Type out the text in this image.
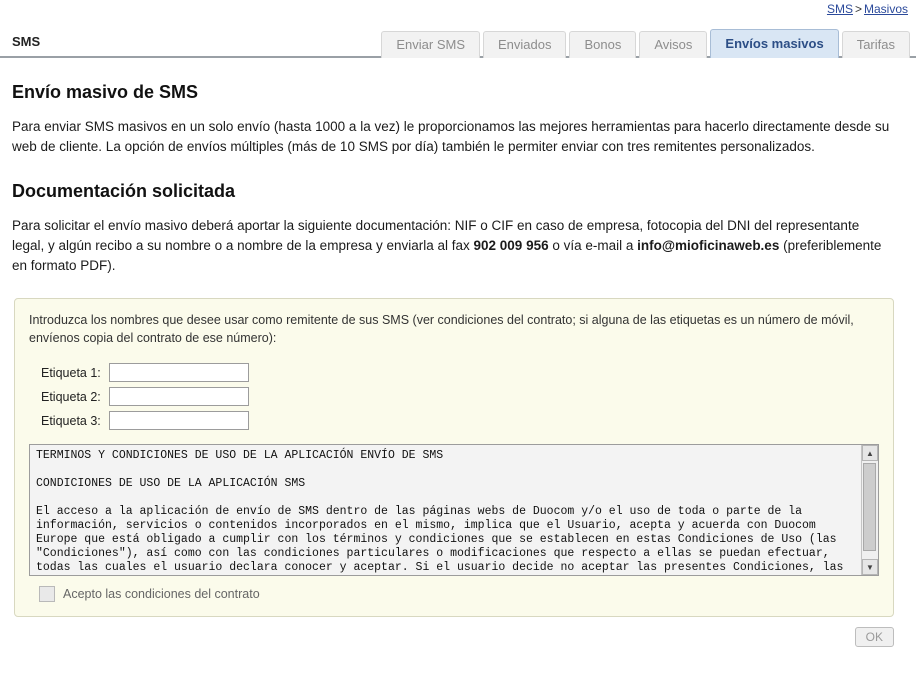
SMS > Masivos
SMS	Enviar SMS	Enviados	Bonos	Avisos	Envíos masivos	Tarifas
Envío masivo de SMS

Para enviar SMS masivos en un solo envío (hasta 1000 a la vez) le proporcionamos las mejores herramientas para hacerlo directamente desde su web de cliente. La opción de envíos múltiples (más de 10 SMS por día) también le permiter enviar con tres remitentes personalizados.

Documentación solicitada

Para solicitar el envío masivo deberá aportar la siguiente documentación: NIF o CIF en caso de empresa, fotocopia del DNI del representante legal, y algún recibo a su nombre o a nombre de la empresa y enviarla al fax 902 009 956 o vía e-mail a info@mioficinaweb.es (preferiblemente en formato PDF).

Introduzca los nombres que desee usar como remitente de sus SMS (ver condiciones del contrato; si alguna de las etiquetas es un número de móvil, envíenos copia del contrato de ese número):

Etiqueta 1:
Etiqueta 2:
Etiqueta 3:
TERMINOS Y CONDICIONES DE USO DE LA APLICACIÓN ENVÍO DE SMS

CONDICIONES DE USO DE LA APLICACIÓN SMS

El acceso a la aplicación de envío de SMS dentro de las páginas webs de Duocom y/o el uso de toda o parte de la
información, servicios o contenidos incorporados en el mismo, implica que el Usuario, acepta y acuerda con Duocom
Europe que está obligado a cumplir con los términos y condiciones que se establecen en estas Condiciones de Uso (las
"Condiciones"), así como con las condiciones particulares o modificaciones que respecto a ellas se puedan efectuar,
todas las cuales el usuario declara conocer y aceptar. Si el usuario decide no aceptar las presentes Condiciones, las
▲
▼
Acepto las condiciones del contrato
OK
